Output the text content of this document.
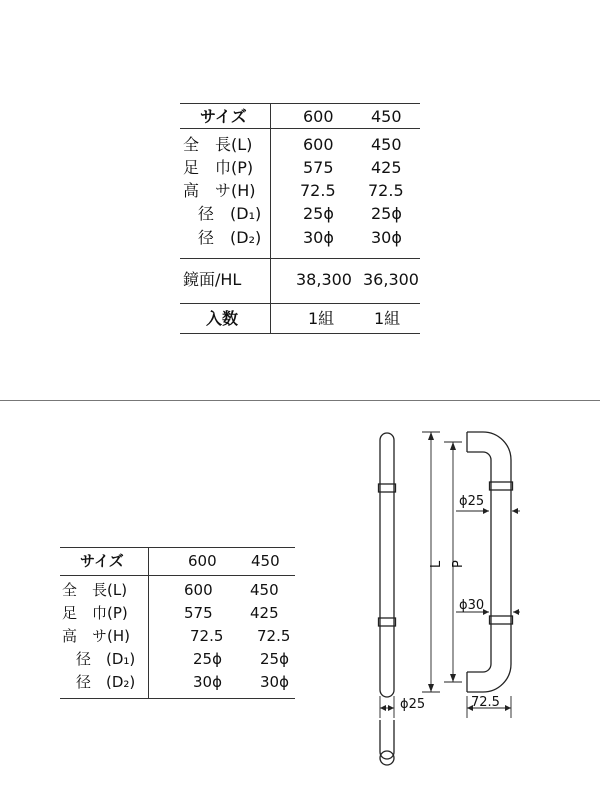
サイズ	600 450
全　長(L)	600 450
足　巾(P)	575 425
高　サ(H)	72.5 72.5
径　(D₁)	25ϕ 25ϕ
径　(D₂)	30ϕ 30ϕ
鏡面/HL	38,300 36,300
入数	1組 1組
サイズ	600 450
全　長(L)	600 450
足　巾(P)	575 425
高　サ(H)	72.5 72.5
径　(D₁)	25ϕ	25ϕ
径　(D₂)	30ϕ	30ϕ
ϕ25
ϕ30
L P
ϕ25	72.5
